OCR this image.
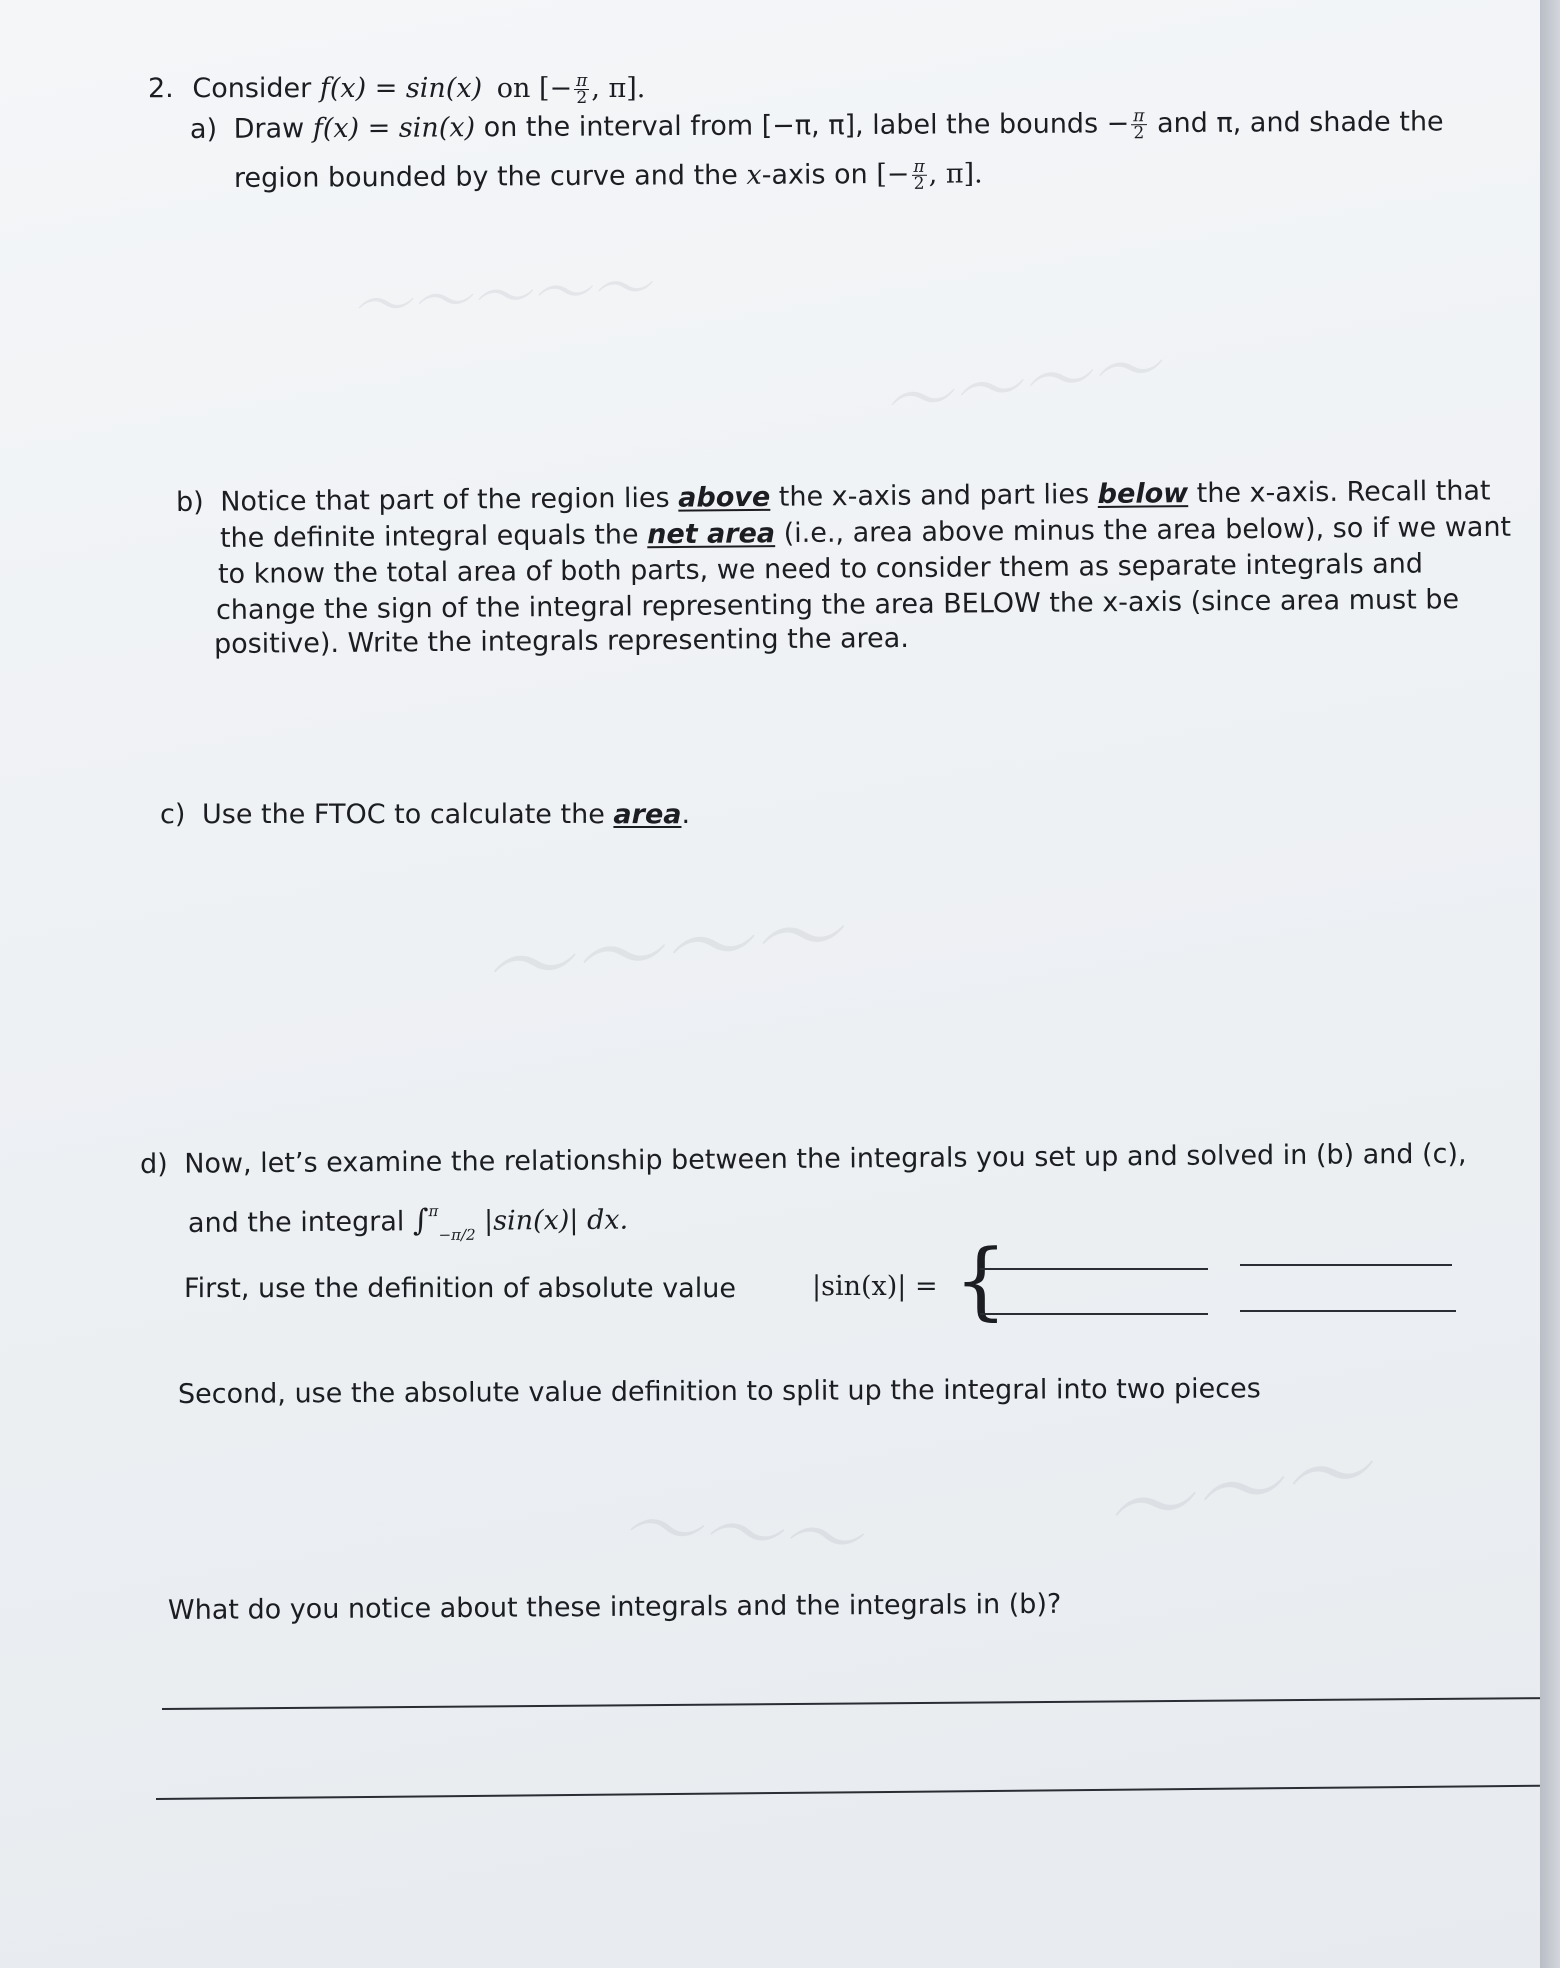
〜〜〜〜〜
〜〜〜〜
〜〜〜〜
〜〜〜	〜〜〜
2. Consider f(x) = sin(x) on [− $\frac{\pi}{2}$ , π].
a) Draw f(x) = sin(x) on the interval from [−π, π], label the bounds − $\frac{\pi}{2}$ and π, and shade the
region bounded by the curve and the x-axis on [− $\frac{\pi}{2}$ , π].
b) Notice that part of the region lies above the x-axis and part lies below the x-axis. Recall that
the definite integral equals the net area (i.e., area above minus the area below), so if we want
to know the total area of both parts, we need to consider them as separate integrals and
change the sign of the integral representing the area BELOW the x-axis (since area must be
positive). Write the integrals representing the area.
c) Use the FTOC to calculate the area.
d) Now, let’s examine the relationship between the integrals you set up and solved in (b) and (c),
and the integral ∫$^\pi_{-\pi/2}$ |sin(x)| dx.
First, use the definition of absolute value	|sin(x)| = {
Second, use the absolute value definition to split up the integral into two pieces
What do you notice about these integrals and the integrals in (b)?
